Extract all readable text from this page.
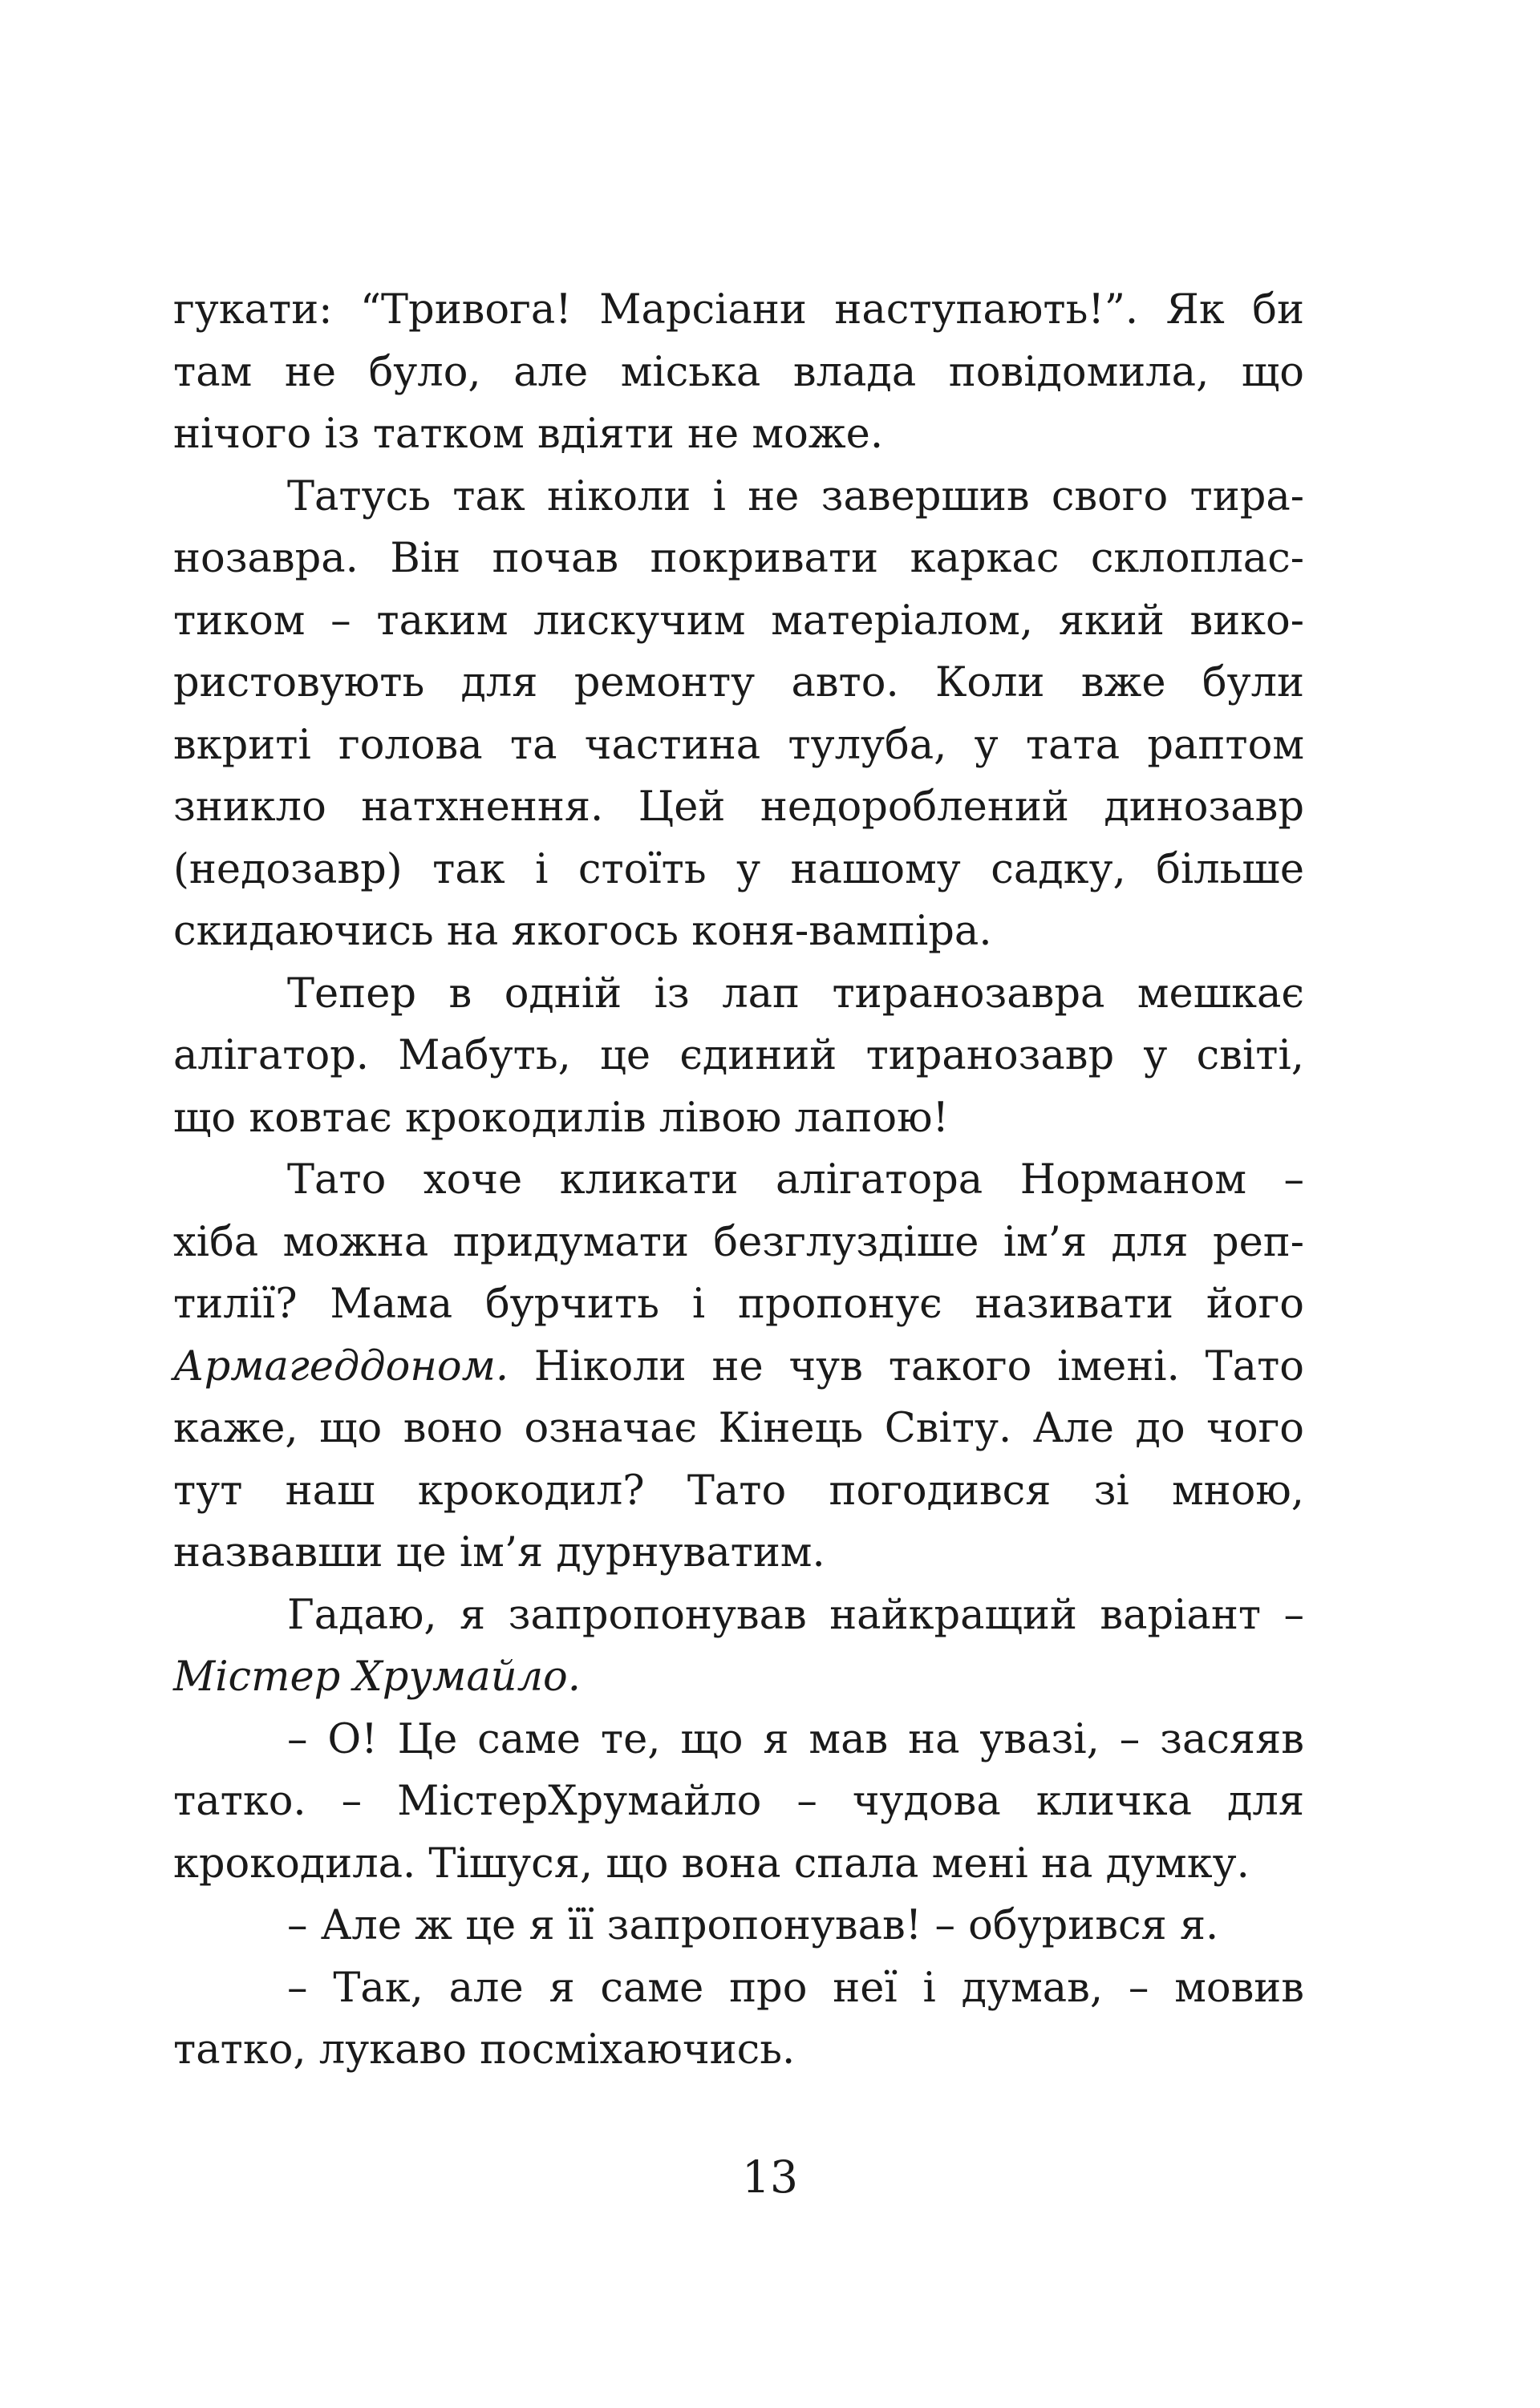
гукати: “Тривога! Марсіани наступають!”. Як би
там не було, але міська влада повідомила, що
нічого із татком вдіяти не може.
Татусь так ніколи і не завершив свого тира-
нозавра. Він почав покривати каркас склоплас-
тиком – таким лискучим матеріалом, який вико-
ристовують для ремонту авто. Коли вже були
вкриті голова та частина тулуба, у тата раптом
зникло натхнення. Цей недороблений динозавр
(недозавр) так і стоїть у нашому садку, більше
скидаючись на якогось коня-вампіра.
Тепер в одній із лап тиранозавра мешкає
алігатор. Мабуть, це єдиний тиранозавр у світі,
що ковтає крокодилів лівою лапою!
Тато хоче кликати алігатора Норманом –
хіба можна придумати безглуздіше ім’я для реп-
тилії? Мама бурчить і пропонує називати його
Армагеддоном. Ніколи не чув такого імені. Тато
каже, що воно означає Кінець Світу. Але до чого
тут наш крокодил? Тато погодився зі мною,
назвавши це ім’я дурнуватим.
Гадаю, я запропонував найкращий варіант –
Містер Хрумайло.
– О! Це саме те, що я мав на увазі, – засяяв
татко. – МістерХрумайло – чудова кличка для
крокодила. Тішуся, що вона спала мені на думку.
– Але ж це я її запропонував! – обурився я.
– Так, але я саме про неї і думав, – мовив
татко, лукаво посміхаючись.
13
